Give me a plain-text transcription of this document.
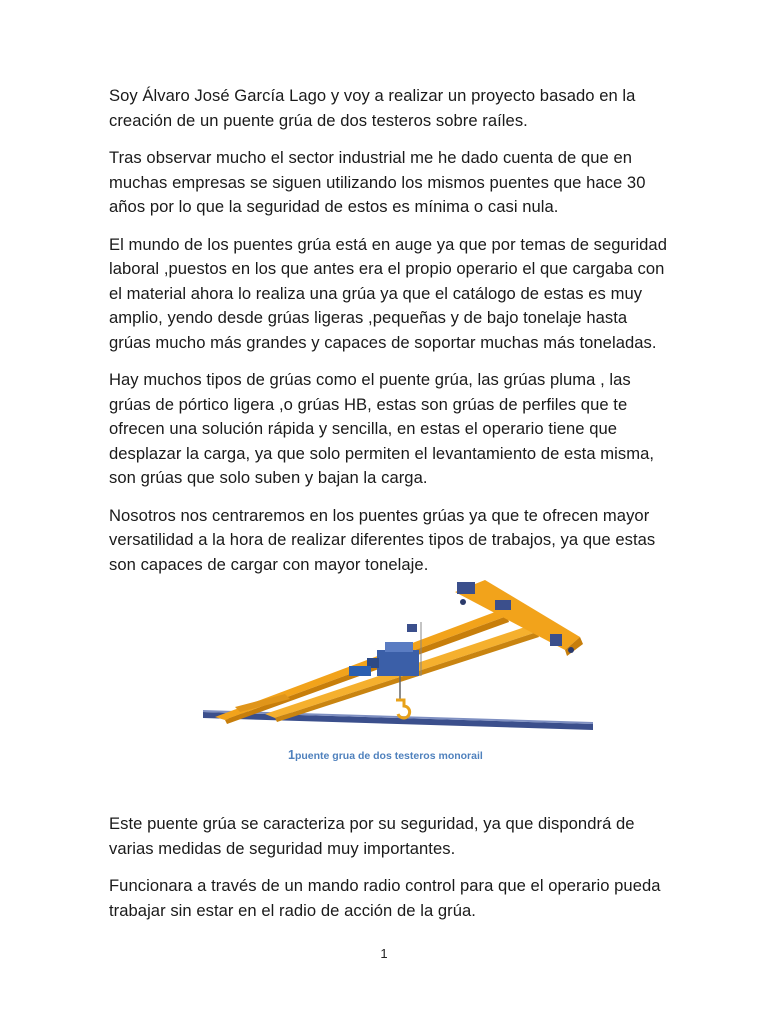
Soy Álvaro José García Lago y voy a realizar un proyecto basado en la creación de un puente grúa de dos testeros sobre raíles.

Tras observar mucho el sector industrial me he dado cuenta de que en muchas empresas se siguen utilizando los mismos puentes que hace 30 años por lo que la seguridad de estos es mínima o casi nula.

El mundo de los puentes grúa está en auge ya que por temas de seguridad laboral ,puestos en los que antes era el propio operario el que cargaba con el material ahora lo realiza una grúa ya que el catálogo de estas es muy amplio, yendo desde grúas ligeras ,pequeñas y de bajo tonelaje hasta grúas mucho más grandes y capaces de soportar muchas más toneladas.

Hay muchos tipos de grúas como el puente grúa, las grúas pluma , las grúas de pórtico ligera ,o grúas HB, estas son grúas de perfiles que te ofrecen una solución rápida y sencilla, en estas el operario tiene que desplazar la carga, ya que solo permiten el levantamiento de esta misma, son grúas que solo suben y bajan la carga.

Nosotros nos centraremos en los puentes grúas ya que te ofrecen mayor versatilidad a la hora de realizar diferentes tipos de trabajos, ya que estas son capaces de cargar con mayor tonelaje.

1puente grua de dos testeros monorail

Este puente grúa se caracteriza por su seguridad, ya que dispondrá de varias medidas de seguridad muy importantes.

Funcionara a través de un mando radio control para que el operario pueda trabajar sin estar en el radio de acción de la grúa.

1
